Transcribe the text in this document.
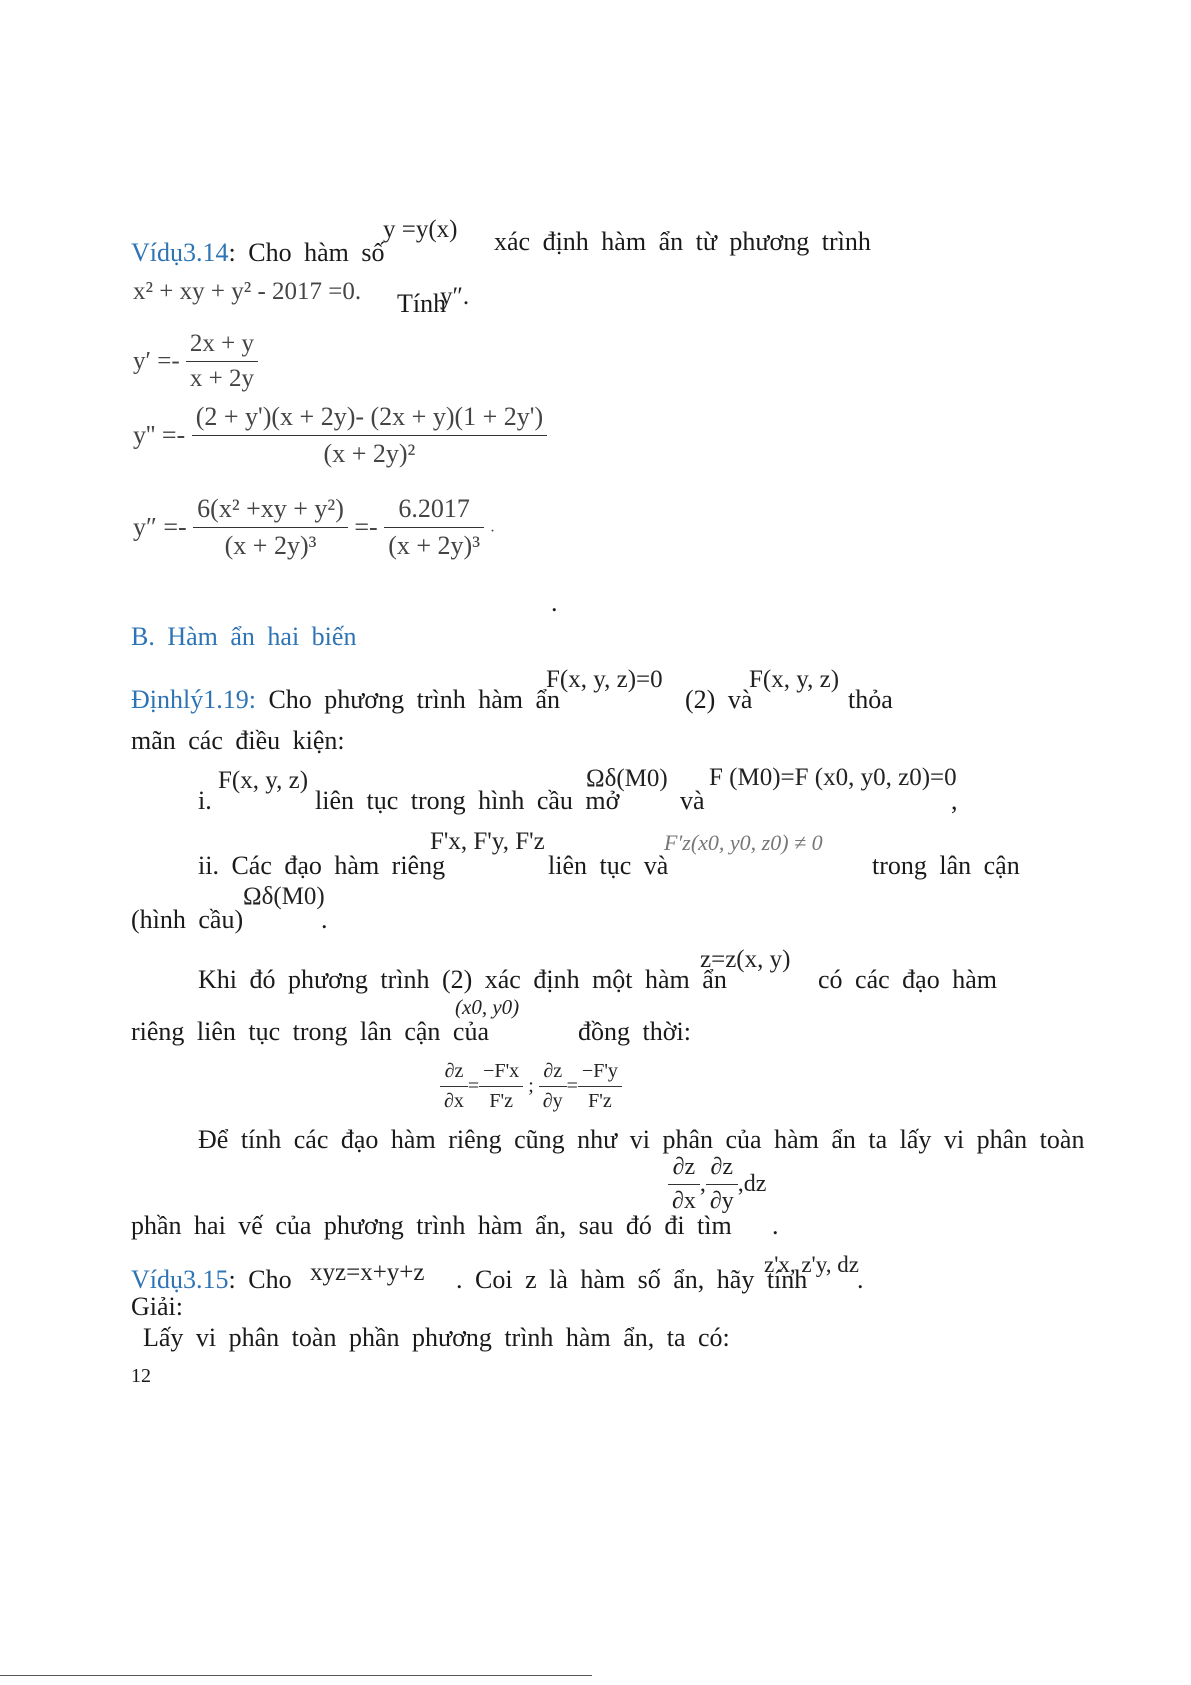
Vídụ3.14: Cho hàm số
y =y(x) xác định hàm ẩn từ phương trình
x² + xy + y² - 2017 =0. Tính
y″.
$y' =- \frac{2x + y}{x + 2y}$
$y'' =- \frac{(2 + y')(x + 2y)- (2x + y)(1 + 2y')}{\text{(x + 2y)²}}$
$y'' =- \frac{\text{6(x² +xy + y²)}}{\text{(x + 2y)³}} =- \frac{6.2017}{\text{(x + 2y)³}}$ .
.
B. Hàm ẩn hai biến
Địnhlý1.19: Cho phương trình hàm ẩn
F(x, y, z)=0
(2) và
F(x, y, z)
thỏa
mãn các điều kiện:
i.
F(x, y, z)
liên tục trong hình cầu mở
Ωδ(M0)
và
F (M0)=F (x0, y0, z0)=0
,
ii. Các đạo hàm riêng
F'x, F'y, F'z
liên tục và
F′z(x0, y0, z0) ≠ 0
trong lân cận
(hình cầu)
Ωδ(M0)
.
Khi đó phương trình (2) xác định một hàm ẩn
z=z(x, y)
có các đạo hàm
riêng liên tục trong lân cận của
(x0, y0)
đồng thời:
$\frac{\partial z}{\partial x} = \frac{-F'x}{F'z}$ ; $\frac{\partial z}{\partial y} = \frac{-F'y}{F'z}$
Để tính các đạo hàm riêng cũng như vi phân của hàm ẩn ta lấy vi phân toàn
$\frac{\partial z}{\partial x}$ , $\frac{\partial z}{\partial y} ,dz$
phần hai vế của phương trình hàm ẩn, sau đó đi tìm .
Vídụ3.15: Cho xyz=x+y+z . Coi z là hàm số ẩn, hãy tính
z'x, z'y, dz
.
Giải:
Lấy vi phân toàn phần phương trình hàm ẩn, ta có:
12
